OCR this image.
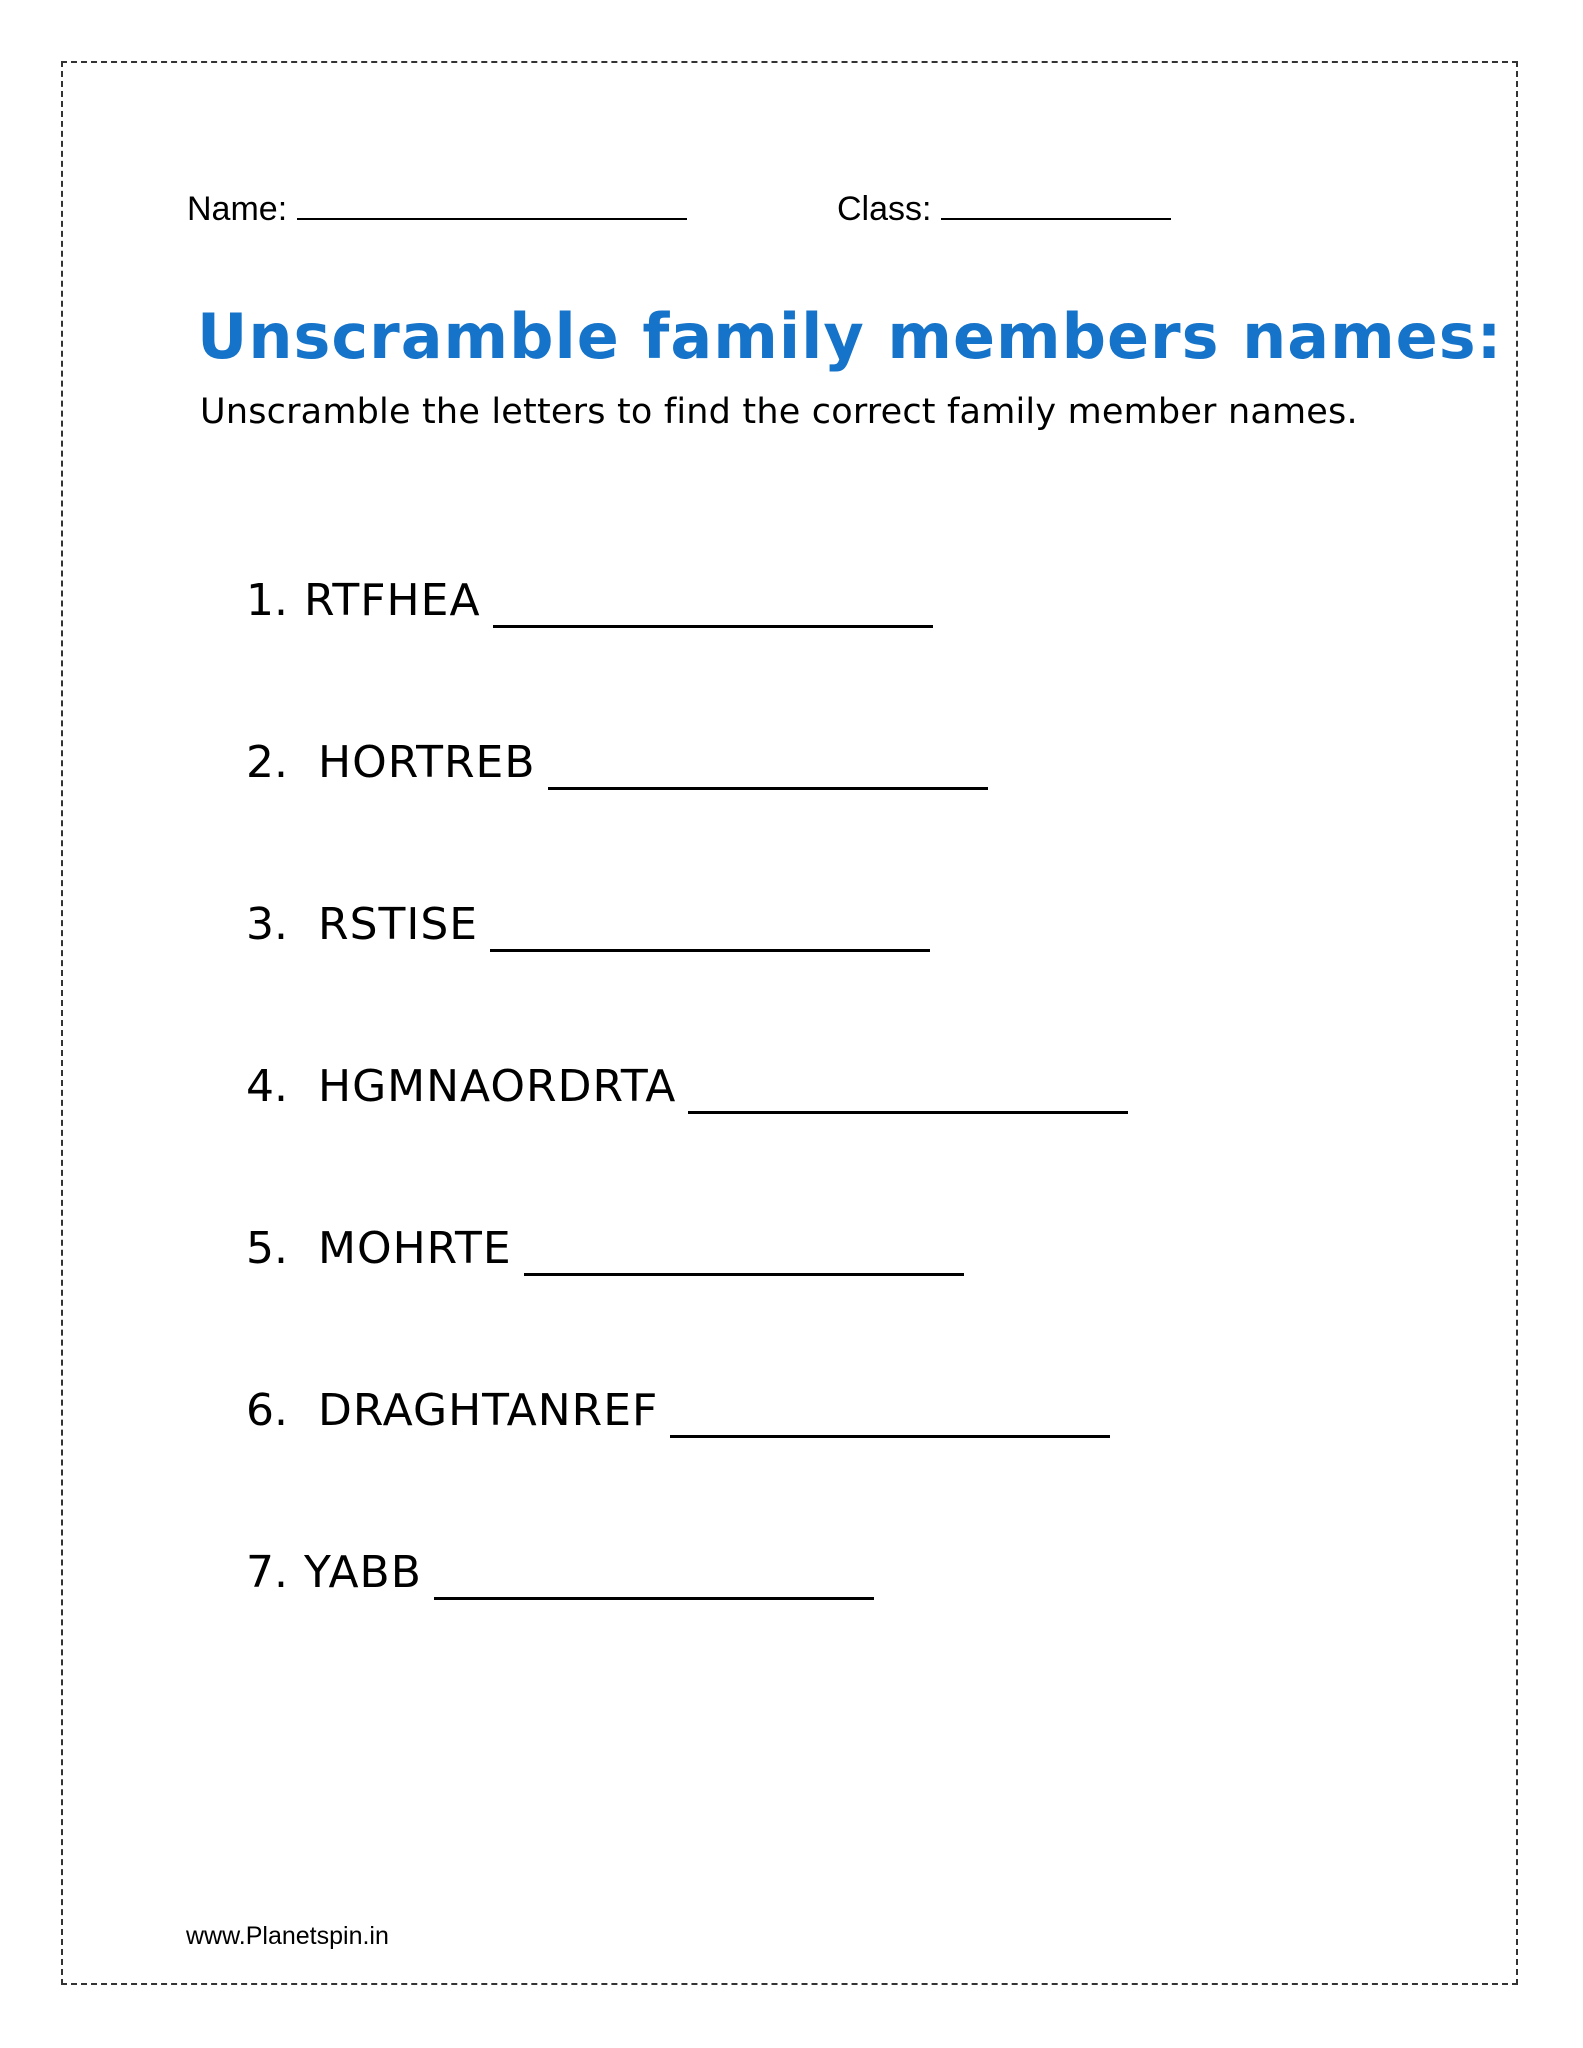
Name:	Class:
Unscramble family members names:
Unscramble the letters to find the correct family member names.
1. RTFHEA
2. HORTREB
3. RSTISE
4. HGMNAORDRTA
5. MOHRTE
6. DRAGHTANREF
7. YABB
www.Planetspin.in
